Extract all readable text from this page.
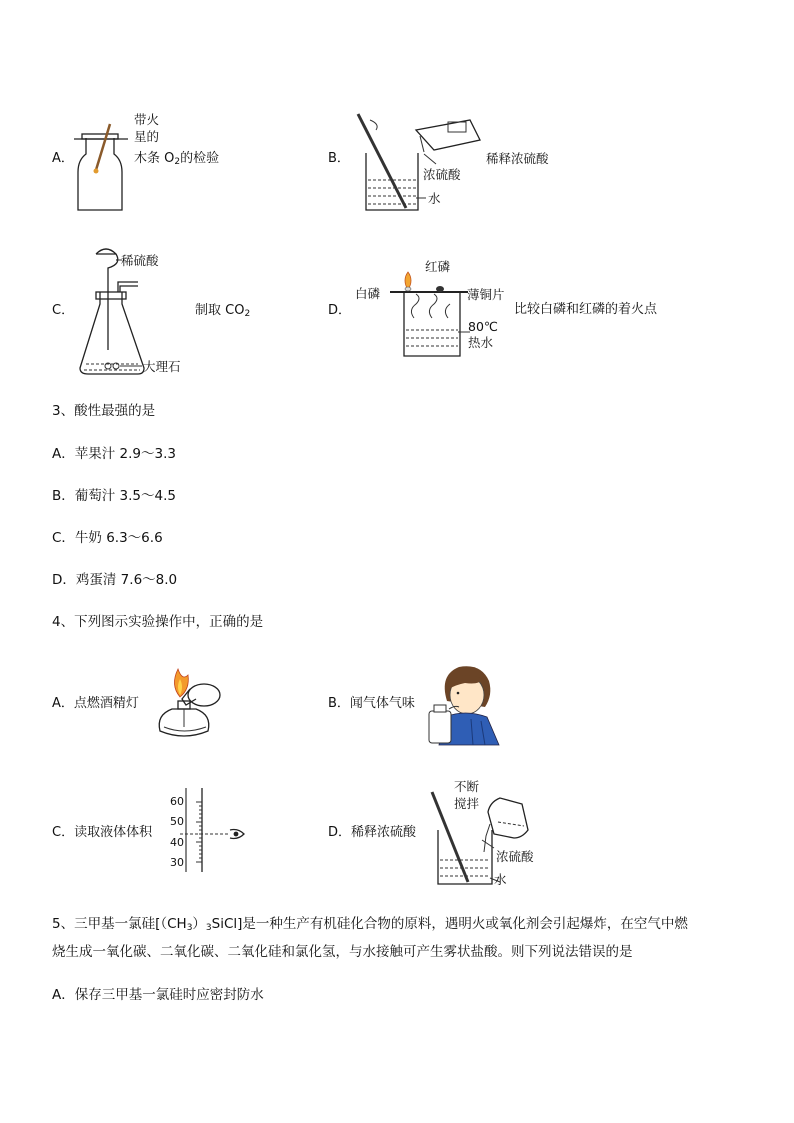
A．
带火
星的
木条 $O_2$的检验	B．	稀释浓硫酸
浓硫酸
水
C．
稀硫酸
大理石
制取 $CO_2$	D．
红磷
白磷	薄铜片
80℃
热水
比较白磷和红磷的着火点
3、酸性最强的是
A．苹果汁 2.9～3.3
B．葡萄汁 3.5～4.5
C．牛奶 6.3～6.6
D．鸡蛋清 7.6～8.0
4、下列图示实验操作中，正确的是
A．点燃酒精灯	B．闻气体气味
C．读取液体体积
60
50
40
30
D．稀释浓硫酸
不断
搅拌
浓硫酸
水
5、三甲基一氯硅$[(CH_3)_3SiCl]$是一种生产有机硅化合物的原料，遇明火或氧化剂会引起爆炸，在空气中燃
烧生成一氧化碳、二氧化碳、二氧化硅和氯化氢，与水接触可产生雾状盐酸。则下列说法错误的是
A．保存三甲基一氯硅时应密封防水
